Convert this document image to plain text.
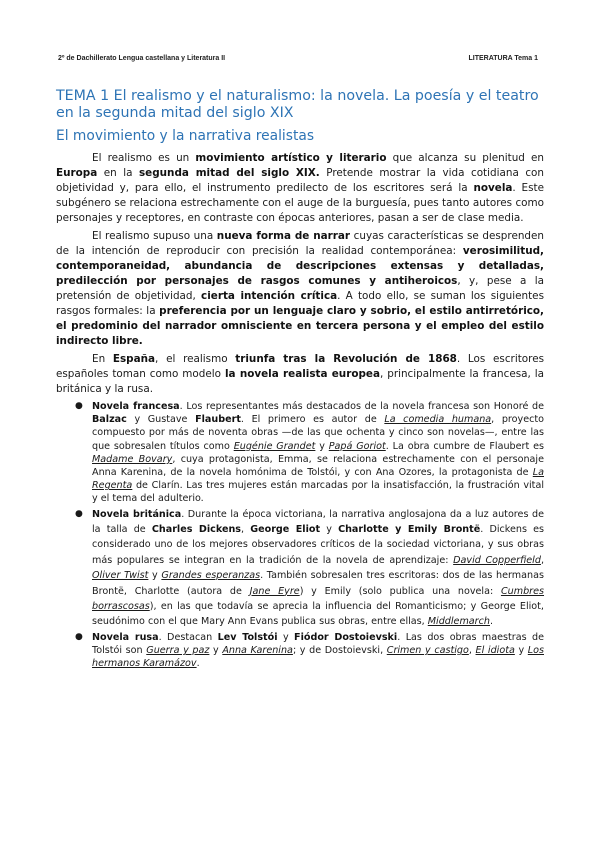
2º de Dachillerato Lengua castellana y Literatura II	LITERATURA Tema 1
TEMA 1 El realismo y el naturalismo: la novela. La poesía y el teatro en la segunda mitad del siglo XIX
El movimiento y la narrativa realistas

El realismo es un movimiento artístico y literario que alcanza su plenitud en Europa en la segunda mitad del siglo XIX. Pretende mostrar la vida cotidiana con objetividad y, para ello, el instrumento predilecto de los escritores será la novela. Este subgénero se relaciona estrechamente con el auge de la burguesía, pues tanto autores como personajes y receptores, en contraste con épocas anteriores, pasan a ser de clase media.

El realismo supuso una nueva forma de narrar cuyas características se desprenden de la intención de reproducir con precisión la realidad contemporánea: verosimilitud, contemporaneidad, abundancia de descripciones extensas y detalladas, predilección por personajes de rasgos comunes y antiheroicos, y, pese a la pretensión de objetividad, cierta intención crítica. A todo ello, se suman los siguientes rasgos formales: la preferencia por un lenguaje claro y sobrio, el estilo antirretórico, el predominio del narrador omnisciente en tercera persona y el empleo del estilo indirecto libre.

En España, el realismo triunfa tras la Revolución de 1868. Los escritores españoles toman como modelo la novela realista europea, principalmente la francesa, la británica y la rusa.

● Novela francesa. Los representantes más destacados de la novela francesa son Honoré de Balzac y Gustave Flaubert. El primero es autor de La comedia humana, proyecto compuesto por más de noventa obras —de las que ochenta y cinco son novelas—, entre las que sobresalen títulos como Eugénie Grandet y Papá Goriot. La obra cumbre de Flaubert es Madame Bovary, cuya protagonista, Emma, se relaciona estrechamente con el personaje Anna Karenina, de la novela homónima de Tolstói, y con Ana Ozores, la protagonista de La Regenta de Clarín. Las tres mujeres están marcadas por la insatisfacción, la frustración vital y el tema del adulterio.
● Novela británica. Durante la época victoriana, la narrativa anglosajona da a luz autores de la talla de Charles Dickens, George Eliot y Charlotte y Emily Brontë. Dickens es considerado uno de los mejores observadores críticos de la sociedad victoriana, y sus obras más populares se integran en la tradición de la novela de aprendizaje: David Copperfield, Oliver Twist y Grandes esperanzas. También sobresalen tres escritoras: dos de las hermanas Brontë, Charlotte (autora de Jane Eyre) y Emily (solo publica una novela: Cumbres borrascosas), en las que todavía se aprecia la influencia del Romanticismo; y George Eliot, seudónimo con el que Mary Ann Evans publica sus obras, entre ellas, Middlemarch.
● Novela rusa. Destacan Lev Tolstói y Fiódor Dostoievski. Las dos obras maestras de Tolstói son Guerra y paz y Anna Karenina; y de Dostoievski, Crimen y castigo, El idiota y Los hermanos Karamázov.
